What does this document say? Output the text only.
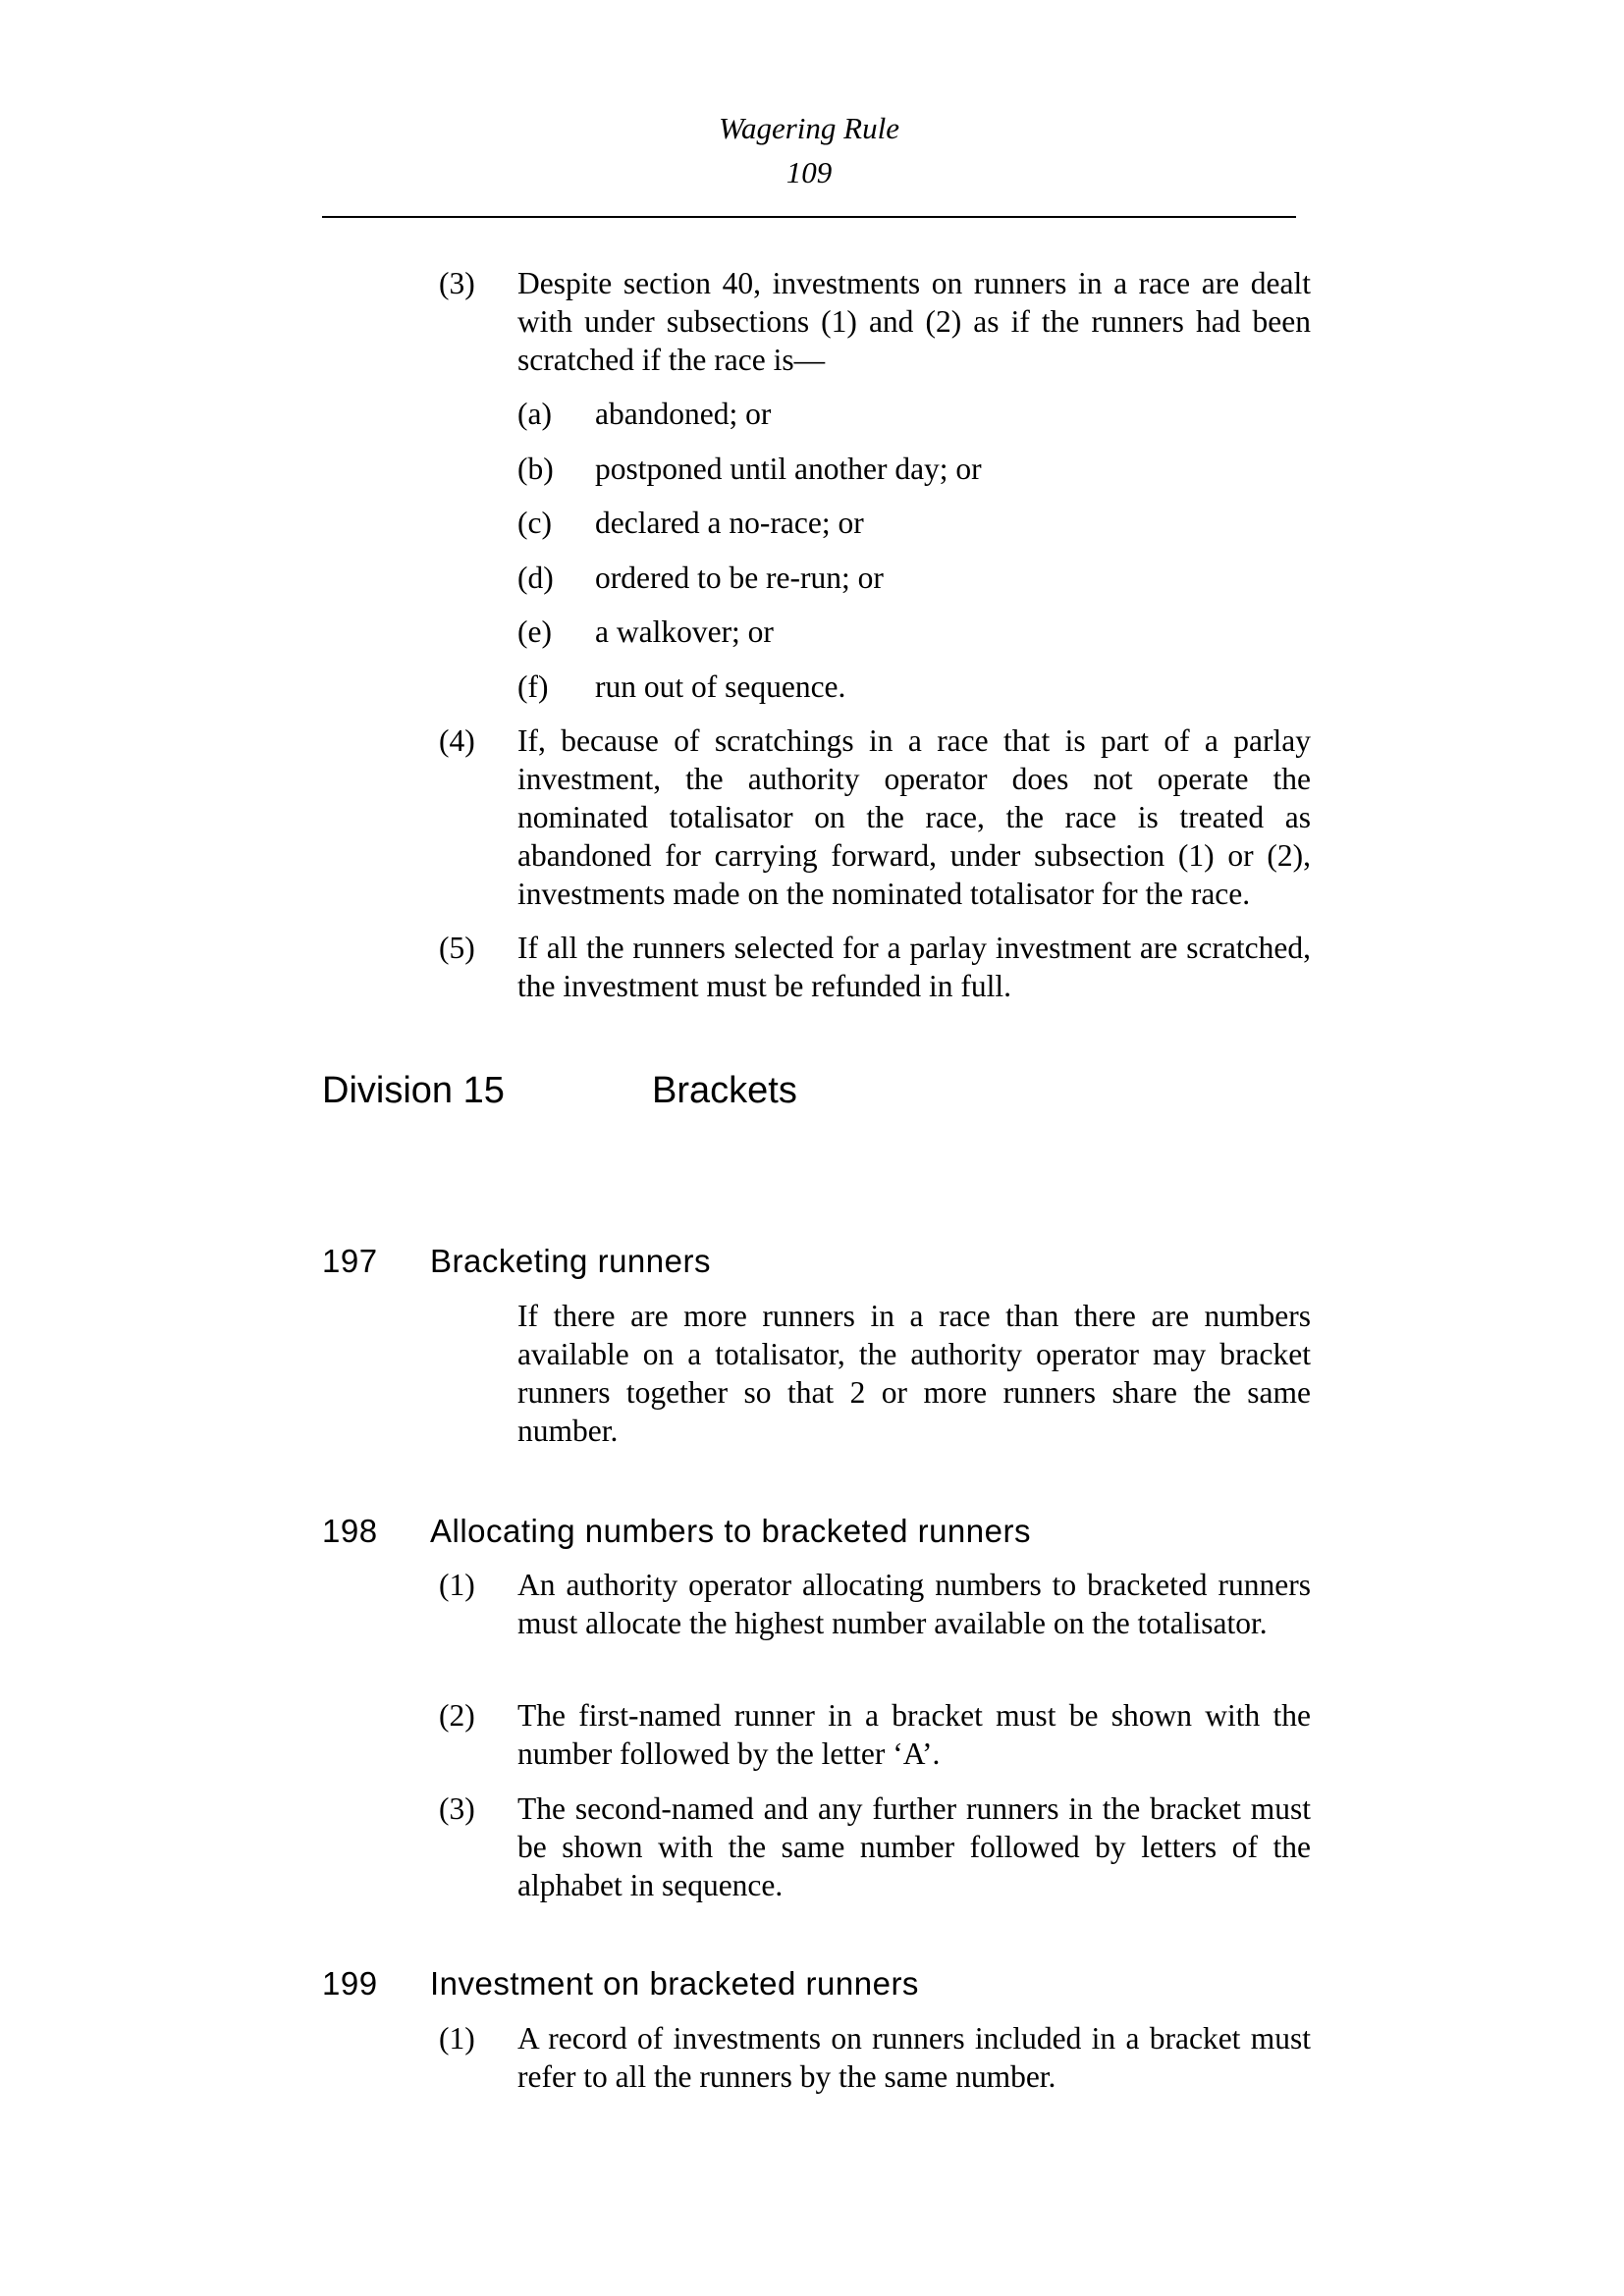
Wagering Rule
109
(3) Despite section 40, investments on runners in a race are dealt with under subsections (1) and (2) as if the runners had been scratched if the race is—
(a) abandoned; or
(b) postponed until another day; or
(c) declared a no-race; or
(d) ordered to be re-run; or
(e) a walkover; or
(f) run out of sequence.
(4) If, because of scratchings in a race that is part of a parlay investment, the authority operator does not operate the nominated totalisator on the race, the race is treated as abandoned for carrying forward, under subsection (1) or (2), investments made on the nominated totalisator for the race.
(5) If all the runners selected for a parlay investment are scratched, the investment must be refunded in full.
Division 15	Brackets
197 Bracketing runners
If there are more runners in a race than there are numbers available on a totalisator, the authority operator may bracket runners together so that 2 or more runners share the same number.
198 Allocating numbers to bracketed runners
(1) An authority operator allocating numbers to bracketed runners must allocate the highest number available on the totalisator.
(2) The first-named runner in a bracket must be shown with the number followed by the letter ‘A’.
(3) The second-named and any further runners in the bracket must be shown with the same number followed by letters of the alphabet in sequence.
199 Investment on bracketed runners
(1) A record of investments on runners included in a bracket must refer to all the runners by the same number.
